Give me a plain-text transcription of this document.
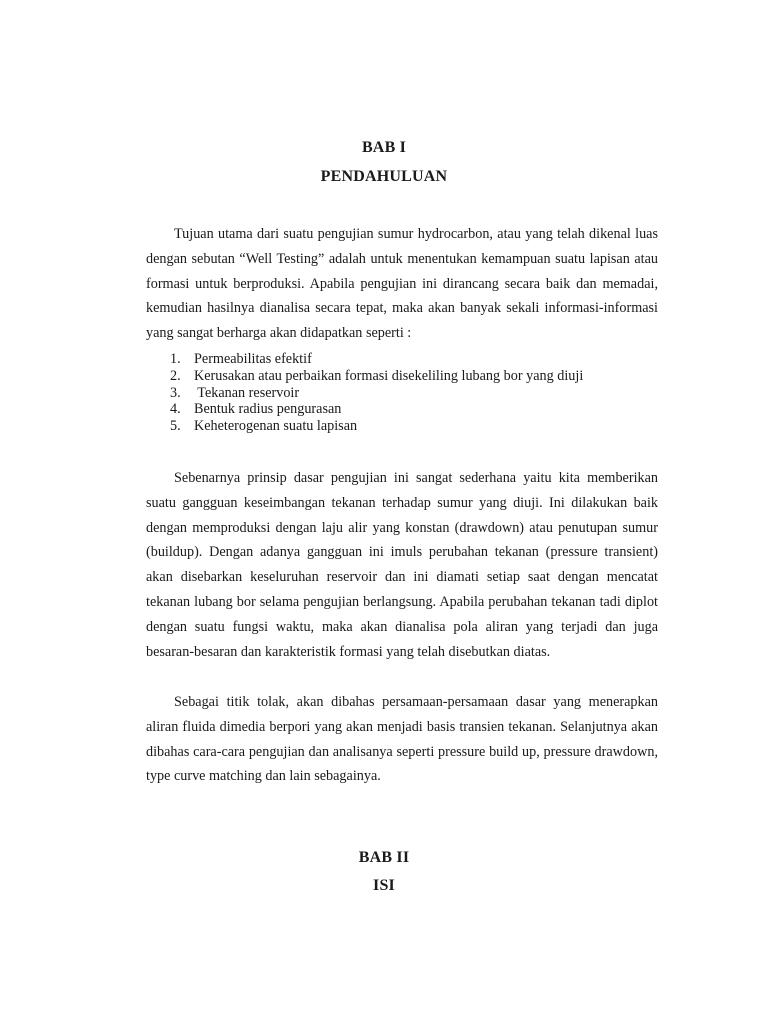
BAB I
PENDAHULUAN

Tujuan utama dari suatu pengujian sumur hydrocarbon, atau yang telah dikenal luas dengan sebutan “Well Testing” adalah untuk menentukan kemampuan suatu lapisan atau formasi untuk berproduksi. Apabila pengujian ini dirancang secara baik dan memadai, kemudian hasilnya dianalisa secara tepat, maka akan banyak sekali informasi-informasi yang sangat berharga akan didapatkan seperti :

1. Permeabilitas efektif
2. Kerusakan atau perbaikan formasi disekeliling lubang bor yang diuji
3. Tekanan reservoir
4. Bentuk radius pengurasan
5. Keheterogenan suatu lapisan

Sebenarnya prinsip dasar pengujian ini sangat sederhana yaitu kita memberikan suatu gangguan keseimbangan tekanan terhadap sumur yang diuji. Ini dilakukan baik dengan memproduksi dengan laju alir yang konstan (drawdown) atau penutupan sumur (buildup). Dengan adanya gangguan ini imuls perubahan tekanan (pressure transient) akan disebarkan keseluruhan reservoir dan ini diamati setiap saat dengan mencatat tekanan lubang bor selama pengujian berlangsung. Apabila perubahan tekanan tadi diplot dengan suatu fungsi waktu, maka akan dianalisa pola aliran yang terjadi dan juga besaran-besaran dan karakteristik formasi yang telah disebutkan diatas.

Sebagai titik tolak, akan dibahas persamaan-persamaan dasar yang menerapkan aliran fluida dimedia berpori yang akan menjadi basis transien tekanan. Selanjutnya akan dibahas cara-cara pengujian dan analisanya seperti pressure build up, pressure drawdown, type curve matching dan lain sebagainya.

BAB II
ISI
